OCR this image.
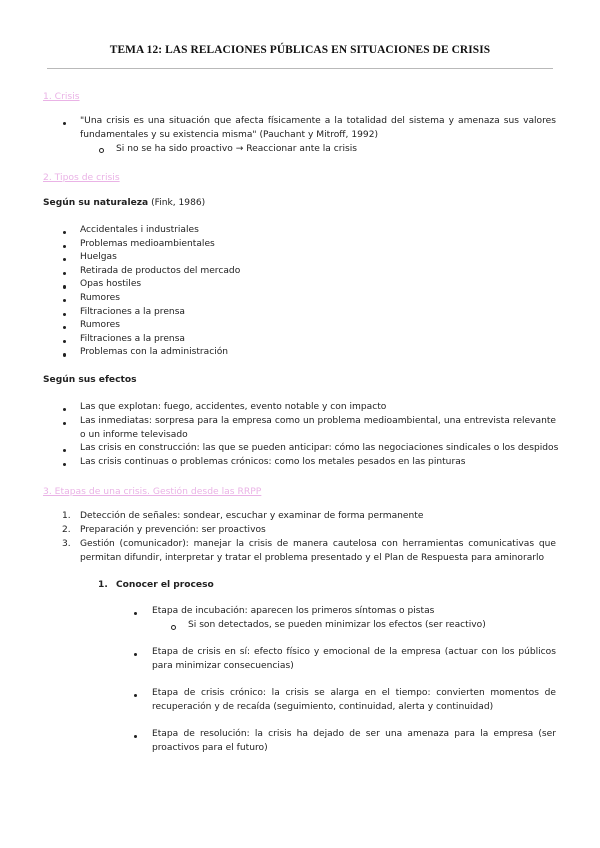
TEMA 12: LAS RELACIONES PÚBLICAS EN SITUACIONES DE CRISIS
1. Crisis
"Una crisis es una situación que afecta físicamente a la totalidad del sistema y amenaza sus valores
fundamentales y su existencia misma" (Pauchant y Mitroff, 1992)
Si no se ha sido proactivo → Reaccionar ante la crisis
2. Tipos de crisis
Según su naturaleza (Fink, 1986)
Accidentales i industriales
Problemas medioambientales
Huelgas
Retirada de productos del mercado
Opas hostiles
Rumores
Filtraciones a la prensa
Rumores
Filtraciones a la prensa
Problemas con la administración
Según sus efectos
Las que explotan: fuego, accidentes, evento notable y con impacto
Las inmediatas: sorpresa para la empresa como un problema medioambiental, una entrevista relevante
o un informe televisado
Las crisis en construcción: las que se pueden anticipar: cómo las negociaciones sindicales o los despidos
Las crisis continuas o problemas crónicos: como los metales pesados en las pinturas
3. Etapas de una crisis. Gestión desde las RRPP
1. Detección de señales: sondear, escuchar y examinar de forma permanente
2. Preparación y prevención: ser proactivos
3. Gestión (comunicador): manejar la crisis de manera cautelosa con herramientas comunicativas que
permitan difundir, interpretar y tratar el problema presentado y el Plan de Respuesta para aminorarlo
1. Conocer el proceso
Etapa de incubación: aparecen los primeros síntomas o pistas
Si son detectados, se pueden minimizar los efectos (ser reactivo)
Etapa de crisis en sí: efecto físico y emocional de la empresa (actuar con los públicos
para minimizar consecuencias)
Etapa de crisis crónico: la crisis se alarga en el tiempo: convierten momentos de
recuperación y de recaída (seguimiento, continuidad, alerta y continuidad)
Etapa de resolución: la crisis ha dejado de ser una amenaza para la empresa (ser
proactivos para el futuro)
